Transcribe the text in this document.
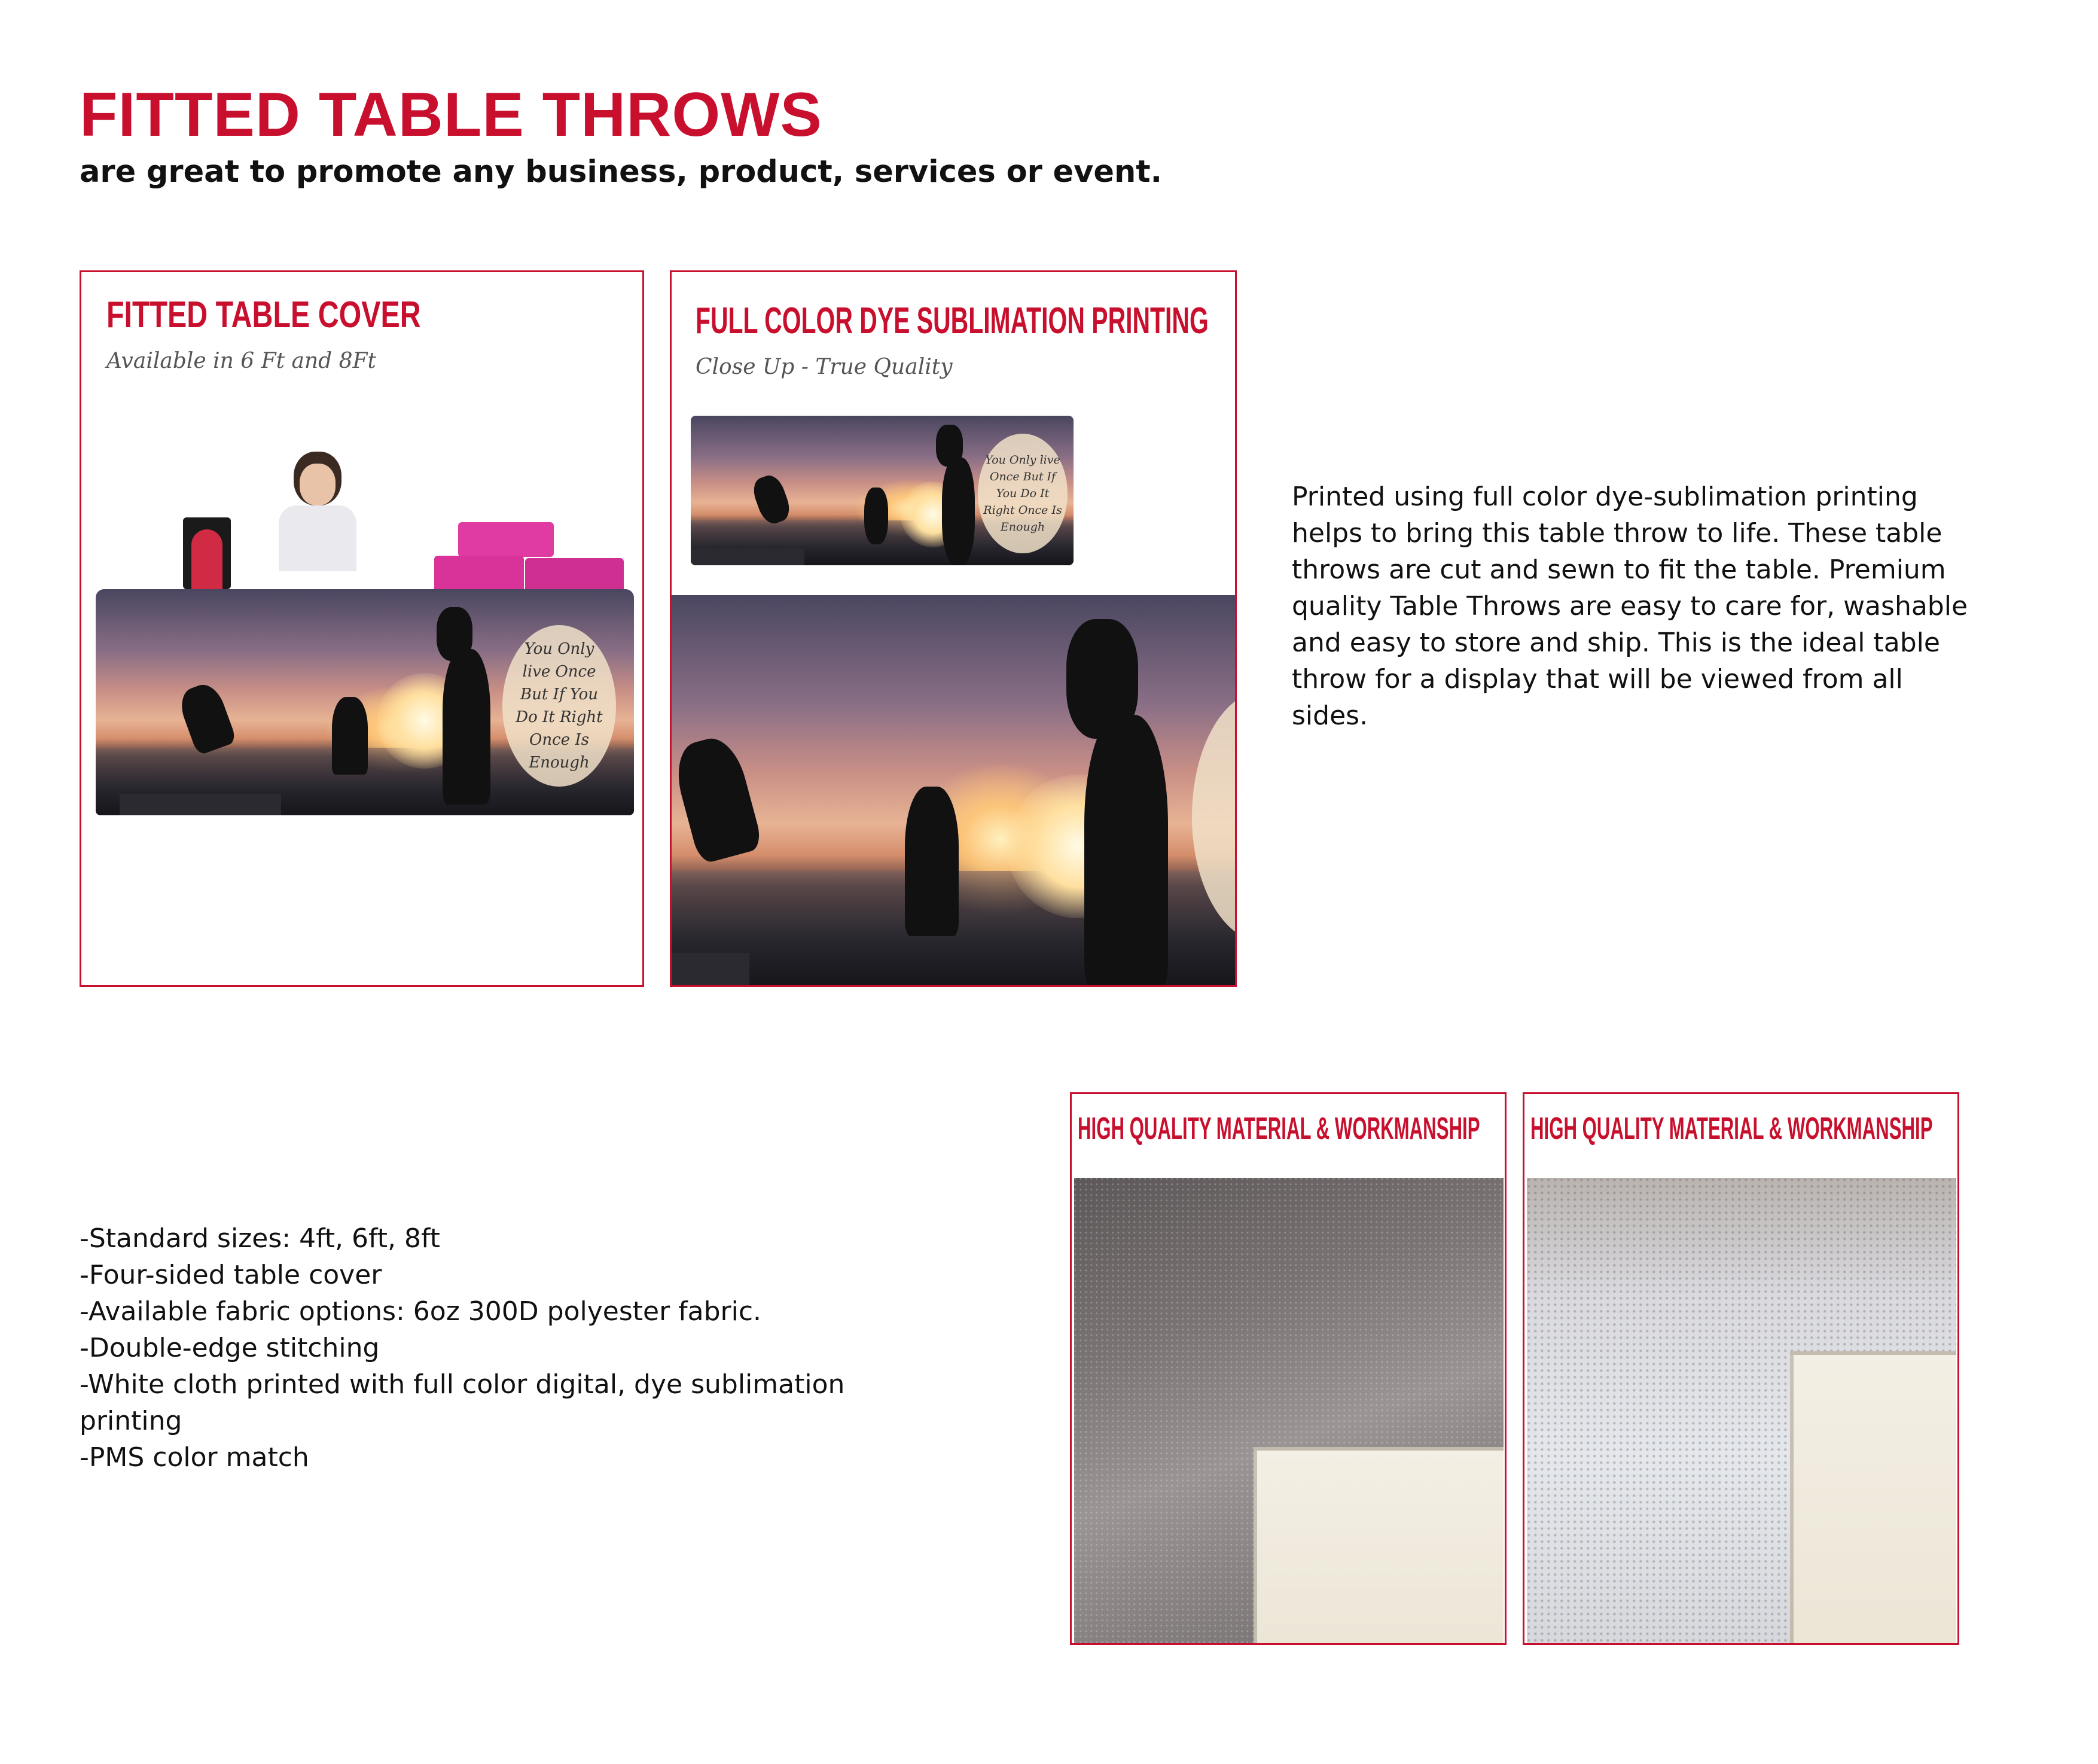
FITTED TABLE THROWS

are great to promote any business, product, services or event.

FITTED TABLE COVER

Available in 6 Ft and 8Ft

You Only live Once But If You Do It Right Once Is Enough

FULL COLOR DYE SUBLIMATION PRINTING

Close Up - True Quality

You Only live Once But If You Do It Right Once Is Enough

Printed using full color dye-sublimation printing helps to bring this table throw to life. These table throws are cut and sewn to fit the table. Premium quality Table Throws are easy to care for, washable and easy to store and ship. This is the ideal table throw for a display that will be viewed from all sides.

-Standard sizes: 4ft, 6ft, 8ft
-Four-sided table cover
-Available fabric options: 6oz 300D polyester fabric.
-Double-edge stitching
-White cloth printed with full color digital, dye sublimation printing
-PMS color match

HIGH QUALITY MATERIAL & WORKMANSHIP HIGH QUALITY MATERIAL & WORKMANSHIP
